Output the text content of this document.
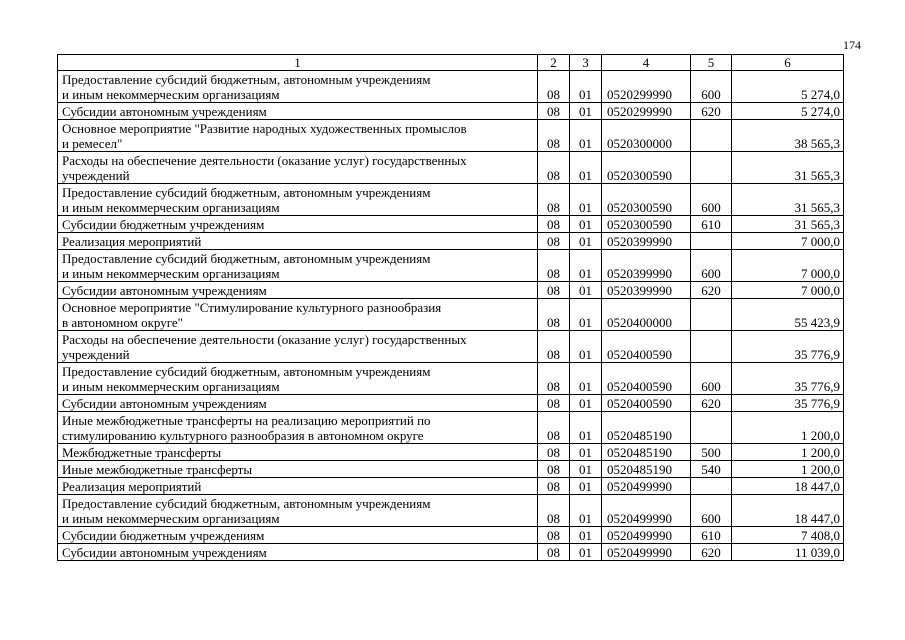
174
1	2	3	4	5	6
Предоставление субсидий бюджетным, автономным учреждениям
и иным некоммерческим организациям	08	01	0520299990	600	5 274,0
Субсидии автономным учреждениям	08	01	0520299990	620	5 274,0
Основное мероприятие "Развитие народных художественных промыслов
и ремесел"	08	01	0520300000		38 565,3
Расходы на обеспечение деятельности (оказание услуг) государственных
учреждений	08	01	0520300590		31 565,3
Предоставление субсидий бюджетным, автономным учреждениям
и иным некоммерческим организациям	08	01	0520300590	600	31 565,3
Субсидии бюджетным учреждениям	08	01	0520300590	610	31 565,3
Реализация мероприятий	08	01	0520399990		7 000,0
Предоставление субсидий бюджетным, автономным учреждениям
и иным некоммерческим организациям	08	01	0520399990	600	7 000,0
Субсидии автономным учреждениям	08	01	0520399990	620	7 000,0
Основное мероприятие "Стимулирование культурного разнообразия
в автономном округе"	08	01	0520400000		55 423,9
Расходы на обеспечение деятельности (оказание услуг) государственных
учреждений	08	01	0520400590		35 776,9
Предоставление субсидий бюджетным, автономным учреждениям
и иным некоммерческим организациям	08	01	0520400590	600	35 776,9
Субсидии автономным учреждениям	08	01	0520400590	620	35 776,9
Иные межбюджетные трансферты на реализацию мероприятий по
стимулированию культурного разнообразия в автономном округе	08	01	0520485190		1 200,0
Межбюджетные трансферты	08	01	0520485190	500	1 200,0
Иные межбюджетные трансферты	08	01	0520485190	540	1 200,0
Реализация мероприятий	08	01	0520499990		18 447,0
Предоставление субсидий бюджетным, автономным учреждениям
и иным некоммерческим организациям	08	01	0520499990	600	18 447,0
Субсидии бюджетным учреждениям	08	01	0520499990	610	7 408,0
Субсидии автономным учреждениям	08	01	0520499990	620	11 039,0
